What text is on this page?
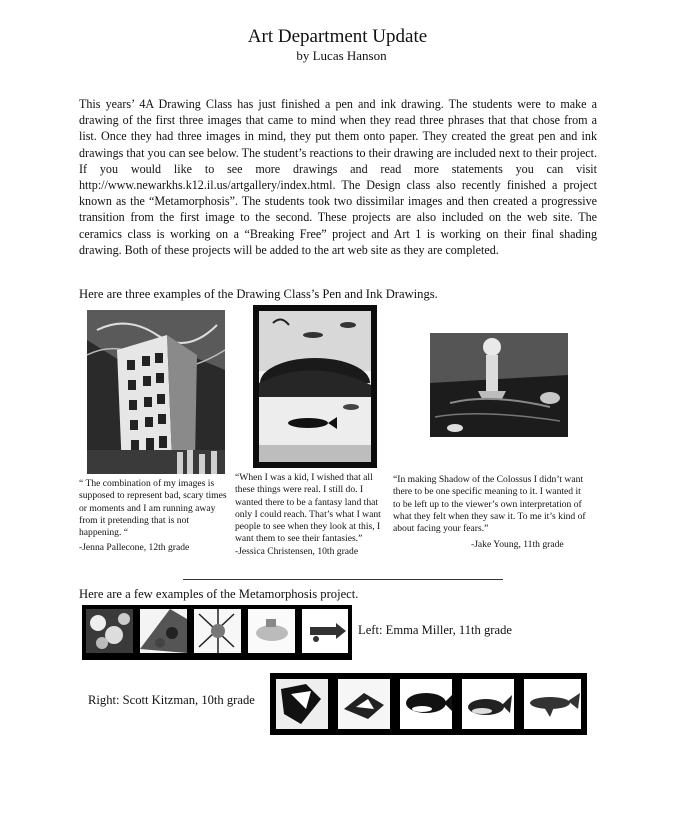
Art Department Update
by Lucas Hanson

This years’ 4A Drawing Class has just finished a pen and ink drawing. The students were to make a drawing of the first three images that came to mind when they read three phrases that that chose from a list. Once they had three images in mind, they put them onto paper. They created the great pen and ink drawings that you can see below. The student’s reactions to their drawing are included next to their project. If you would like to see more drawings and read more statements you can visit http://www.newarkhs.k12.il.us/artgallery/index.html. The Design class also recently finished a project known as the “Metamorphosis”. The students took two dissimilar images and then created a progressive transition from the first image to the second. These projects are also included on the web site. The ceramics class is working on a “Breaking Free” project and Art 1 is working on their final shading drawing. Both of these projects will be added to the art web site as they are completed.

Here are three examples of the Drawing Class’s Pen and Ink Drawings.

“ The combination of my images is supposed to represent bad, scary times or moments and I am running away from it pretending that is not happening. “

-Jenna Pallecone, 12th grade

“When I was a kid, I wished that all these things were real. I still do. I wanted there to be a fantasy land that only I could reach. That’s what I want people to see when they look at this, I want them to see their fantasies.”

-Jessica Christensen, 10th grade

“In making Shadow of the Colossus I didn’t want there to be one specific meaning to it. I wanted it to be left up to the viewer’s own interpretation of what they felt when they saw it. To me it’s kind of about facing your fears.”

-Jake Young, 11th grade

Here are a few examples of the Metamorphosis project.
Left: Emma Miller, 11th grade
Right: Scott Kitzman, 10th grade
